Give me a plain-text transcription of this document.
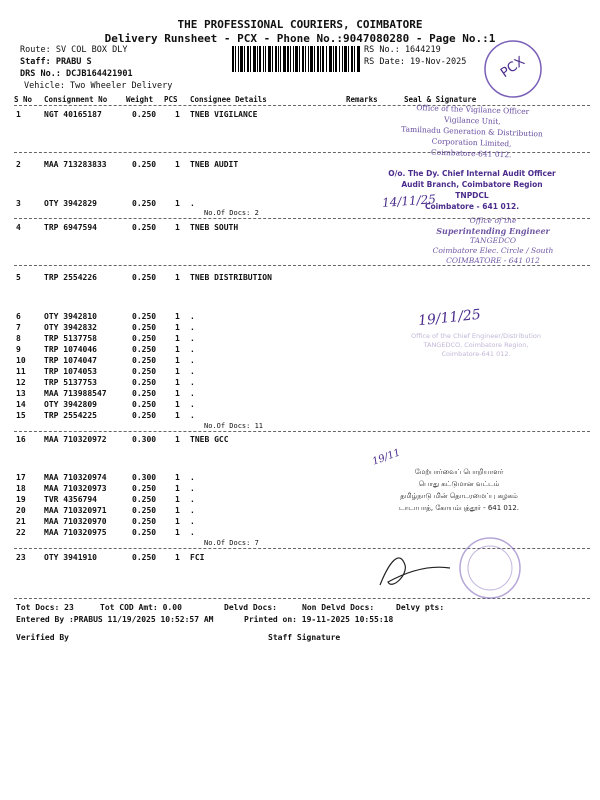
THE PROFESSIONAL COURIERS, COIMBATORE
Delivery Runsheet - PCX - Phone No.:9047080280 - Page No.:1
Route: SV COL BOX DLY
Staff: PRABU S
DRS No.: DCJB164421901
Vehicle: Two Wheeler Delivery
RS No.: 1644219
RS Date: 19-Nov-2025 PCX
S No Consignment No	Weight PCS Consignee Details	Remarks	Seal & Signature
1	NGT 40165187	0.250 1 TNEB VIGILANCE
2	MAA 713283833	0.250 1 TNEB AUDIT
3	OTY 3942829	0.250 1 .
No.Of Docs: 2
4	TRP 6947594	0.250 1 TNEB SOUTH
5	TRP 2554226	0.250 1 TNEB DISTRIBUTION
6	OTY 3942810	0.250 1 .
7	OTY 3942832	0.250 1 .
8	TRP 5137758	0.250 1 .
9	TRP 1074046	0.250 1 .
10 TRP 1074047	0.250 1 .
11 TRP 1074053	0.250 1 .
12 TRP 5137753	0.250 1 .
13 MAA 713988547	0.250 1 .
14 OTY 3942809	0.250 1 .
15 TRP 2554225	0.250 1 .
No.Of Docs: 11
16 MAA 710320972	0.300 1 TNEB GCC
17 MAA 710320974	0.300 1 .
18 MAA 710320973	0.250 1 .
19 TVR 4356794	0.250 1 .
20 MAA 710320971	0.250 1 .
21 MAA 710320970	0.250 1 .
22 MAA 710320975	0.250 1 .
No.Of Docs: 7
23 OTY 3941910	0.250 1 FCI
Tot Docs: 23	Tot COD Amt: 0.00	Delvd Docs:	Non Delvd Docs:	Delvy pts:
Entered By :PRABUS 11/19/2025 10:52:57 AM	Printed on: 19-11-2025 10:55:18
Verified By	Staff Signature
Office of the Vigilance Officer
Vigilance Unit,
Tamilnadu Generation & Distribution
Corporation Limited,
Coimbatore-641 012.
O/o. The Dy. Chief Internal Audit Officer
Audit Branch, Coimbatore Region
TNPDCL
Coimbatore - 641 012.
14/11/25
Office of the
Superintending Engineer
TANGEDCO
Coimbatore Elec. Circle / South
COIMBATORE - 641 012
19/11/25
Office of the Chief Engineer/Distribution
TANGEDCO, Coimbatore Region,
Coimbatore-641 012.
19/11
மேற்பார்வைப் பொறியாளர்
பொது கட்டுமான வட்டம்
தமிழ்நாடு மின் தொடரமைப்பு கழகம்
டாடாபாத், கோயம்புத்தூர் - 641 012.
